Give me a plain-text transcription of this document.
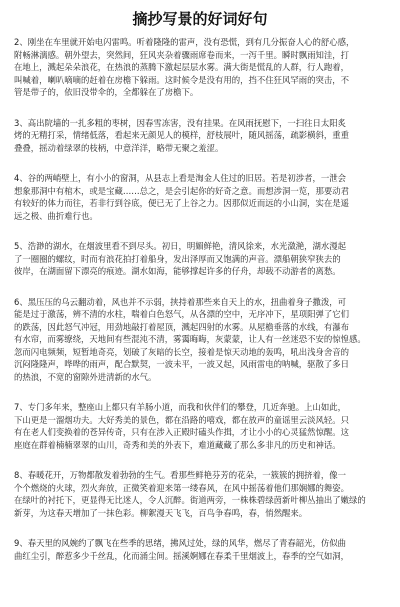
摘抄写景的好词好句
2、刚坐在车里就开始电闪雷鸣。听着隆隆的雷声，没有恐慌，到有几分振奋人心的舒心感，
附畅淋漓感。朝外望去，突然间，狂风夹杂着骤雨席卷而来，一泻千里。瞬时飘雨知洼，打
在地上，溅起朵朵浪花，在热浪的蒸腾下激起层层水雾。满大街是慌乱的人群，行人跑着，
叫喊着，喇叭嘀嘀的赶着在房檐下躲雨。这时候令是没有用的，挡不住狂风罕雨的突击，不
管是带子的，依旧没带伞的，全都躲在了房檐下。
3、高出院墙的一扎多粗的枣树，因春雪冻害，没有挂果。在风雨抚慰下，一扫往日太阳炙
烤的无精打采，情绪低落，看起来无颜见人的模样，舒枝展叶，随风摇荡，疏影横斜，重重
叠叠，摇动着绿翠的枝柄，中意洋洋，略带无聚之羞涩。
4、谷的两峭壁上，有小小的窗洞，从县志上看是淘金人住过的旧居。若是初涉者，一泄会
想象那洞中有棺木，或是宝藏……总之，是会引起你的好奇之意。而想涉洞一览，那要动君
有较好的体力而往，若非行到谷底，便已无了上谷之力。因那似近而远的小山洞，实在是遥
远之极、曲折难行也。
5、浩渺的湖水，在烟波里看不到尽头。初日，明媚鲜艳，清风徐来，水光潋滟，湖水漫起
了一圈圈的螺纹，时而有浪花拍打着船身，发出泽厚而又饱满的声音。漂船朝狭窄狭去的
彼岸，在湖面留下漂亮的痕迹。湖水如海，能够撑起许多的仔舟，却载不动游者的离愁。
6、黑压压的乌云翻动着，风也并不示弱，挟持着那些来自天上的水，扭曲着身子撒泼，可
能是过于激荡，辨不清的水柱，喘着白色怒气，从各漂的空中，无序冲下，星项阳弹了它们
的跌荡，因此怒气冲冠，用劲地敲打着屋顶，溅起四射的水雾。从屋檐垂落的水线，有瀑布
有水帘，而雾缭绕，天地间有些混沌不清，雾霭晦晦，灰蒙蒙，让人有一丝迷恐不安的惊惶感。
忽而闪电频频，短暂地奇亮，划破了灰暗的长空，接着是惊天动地的轰鸣，吼出浅身舍音的
沉闷隆隆声，哗哗的雨声，配合默契，一波未平，一波又起，风雨雷电的呐喊，驱散了多日
的热浪，不宽的窗隙外进清新的水气。
7、专门多年来，整座山上都只有羊肠小道，而我和伙伴们的攀登，几近奔驰。上山如此，
下山更是一溜烟功夫。大好秀美的景色，都在沿路的嘻戏，都在放声的童谣里云淡风轻。只
有在老人们变换着的苍异传奇，只有在涉入正殿时磕头作揖，才让小小的心灵猛然惊醒。这
座庭在群着楠楠翠翠的山川，奇秀和美的外表下，难道藏藏了那么多非凡的历史和神话。
8、春暖花开，万物都散发着勃勃的生气。看那些鲜艳芬芳的花朵，一簇簇的拥挤着，像一
个个燃烧的火球，烈火奔放，正微笑着迎来第一缕春风，在风中摇荡着他们那娴娜的舞姿。
在绿叶的衬托下，更显得无比迷人，令人沉醉。街道两旁，一株株碧绿茵新叶柳丛抽出了嫩绿的
新芽，为这春天增加了一抹色彩。柳絮漫天飞飞，百鸟争春鸣，春，悄然醒来。
9、春天里的风婉约了飘飞在些季的思绪，拂风过处，绿的风华，燃尽了青春韶光，仿似曲
曲红尘引，醉惹多少千丝乱，化而涌尘间。摇溪婀娜在春柔千里烟波上，春季的空气如洞，
